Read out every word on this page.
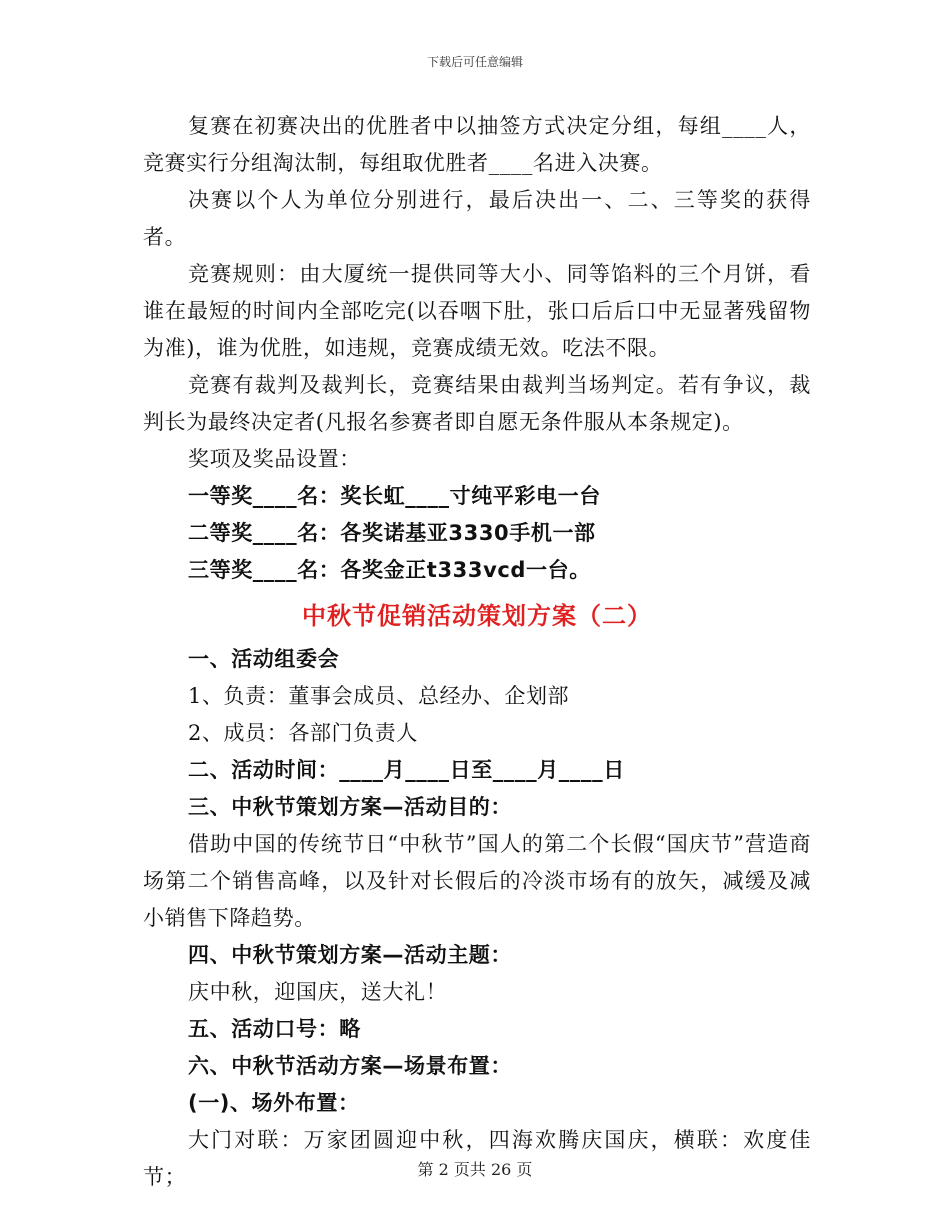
下载后可任意编辑

复赛在初赛决出的优胜者中以抽签方式决定分组，每组____人，竞赛实行分组淘汰制，每组取优胜者____名进入决赛。

决赛以个人为单位分别进行，最后决出一、二、三等奖的获得者。

竞赛规则：由大厦统一提供同等大小、同等馅料的三个月饼，看谁在最短的时间内全部吃完(以吞咽下肚，张口后后口中无显著残留物为准)，谁为优胜，如违规，竞赛成绩无效。吃法不限。

竞赛有裁判及裁判长，竞赛结果由裁判当场判定。若有争议，裁判长为最终决定者(凡报名参赛者即自愿无条件服从本条规定)。

奖项及奖品设置：

一等奖____名：奖长虹____寸纯平彩电一台

二等奖____名：各奖诺基亚3330手机一部

三等奖____名：各奖金正t333vcd一台。

中秋节促销活动策划方案（二）

一、活动组委会

1、负责：董事会成员、总经办、企划部

2、成员：各部门负责人

二、活动时间：____月____日至____月____日

三、中秋节策划方案—活动目的：

借助中国的传统节日“中秋节”国人的第二个长假“国庆节”营造商场第二个销售高峰，以及针对长假后的冷淡市场有的放矢，减缓及减小销售下降趋势。

四、中秋节策划方案—活动主题：

庆中秋，迎国庆，送大礼！

五、活动口号：略

六、中秋节活动方案—场景布置：

(一)、场外布置：

大门对联：万家团圆迎中秋，四海欢腾庆国庆，横联：欢度佳节；	第 2 页共 26 页
